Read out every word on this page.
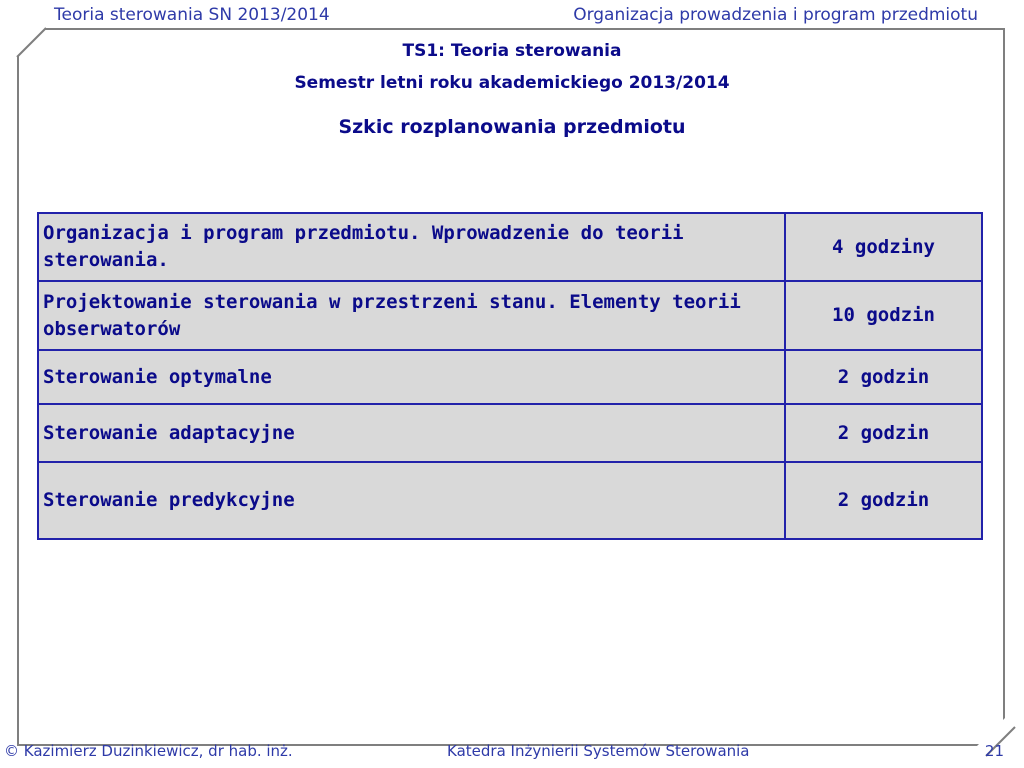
Teoria sterowania SN 2013/2014	Organizacja prowadzenia i program przedmiotu
TS1: Teoria sterowania
Semestr letni roku akademickiego 2013/2014
Szkic rozplanowania przedmiotu
Organizacja i program przedmiotu. Wprowadzenie do teorii sterowania.	4 godziny
Projektowanie sterowania w przestrzeni stanu. Elementy teorii obserwatorów	10 godzin
Sterowanie optymalne	2 godzin
Sterowanie adaptacyjne	2 godzin
Sterowanie predykcyjne	2 godzin
© Kazimierz Duzinkiewicz, dr hab. inż.	Katedra Inżynierii Systemów Sterowania	21
